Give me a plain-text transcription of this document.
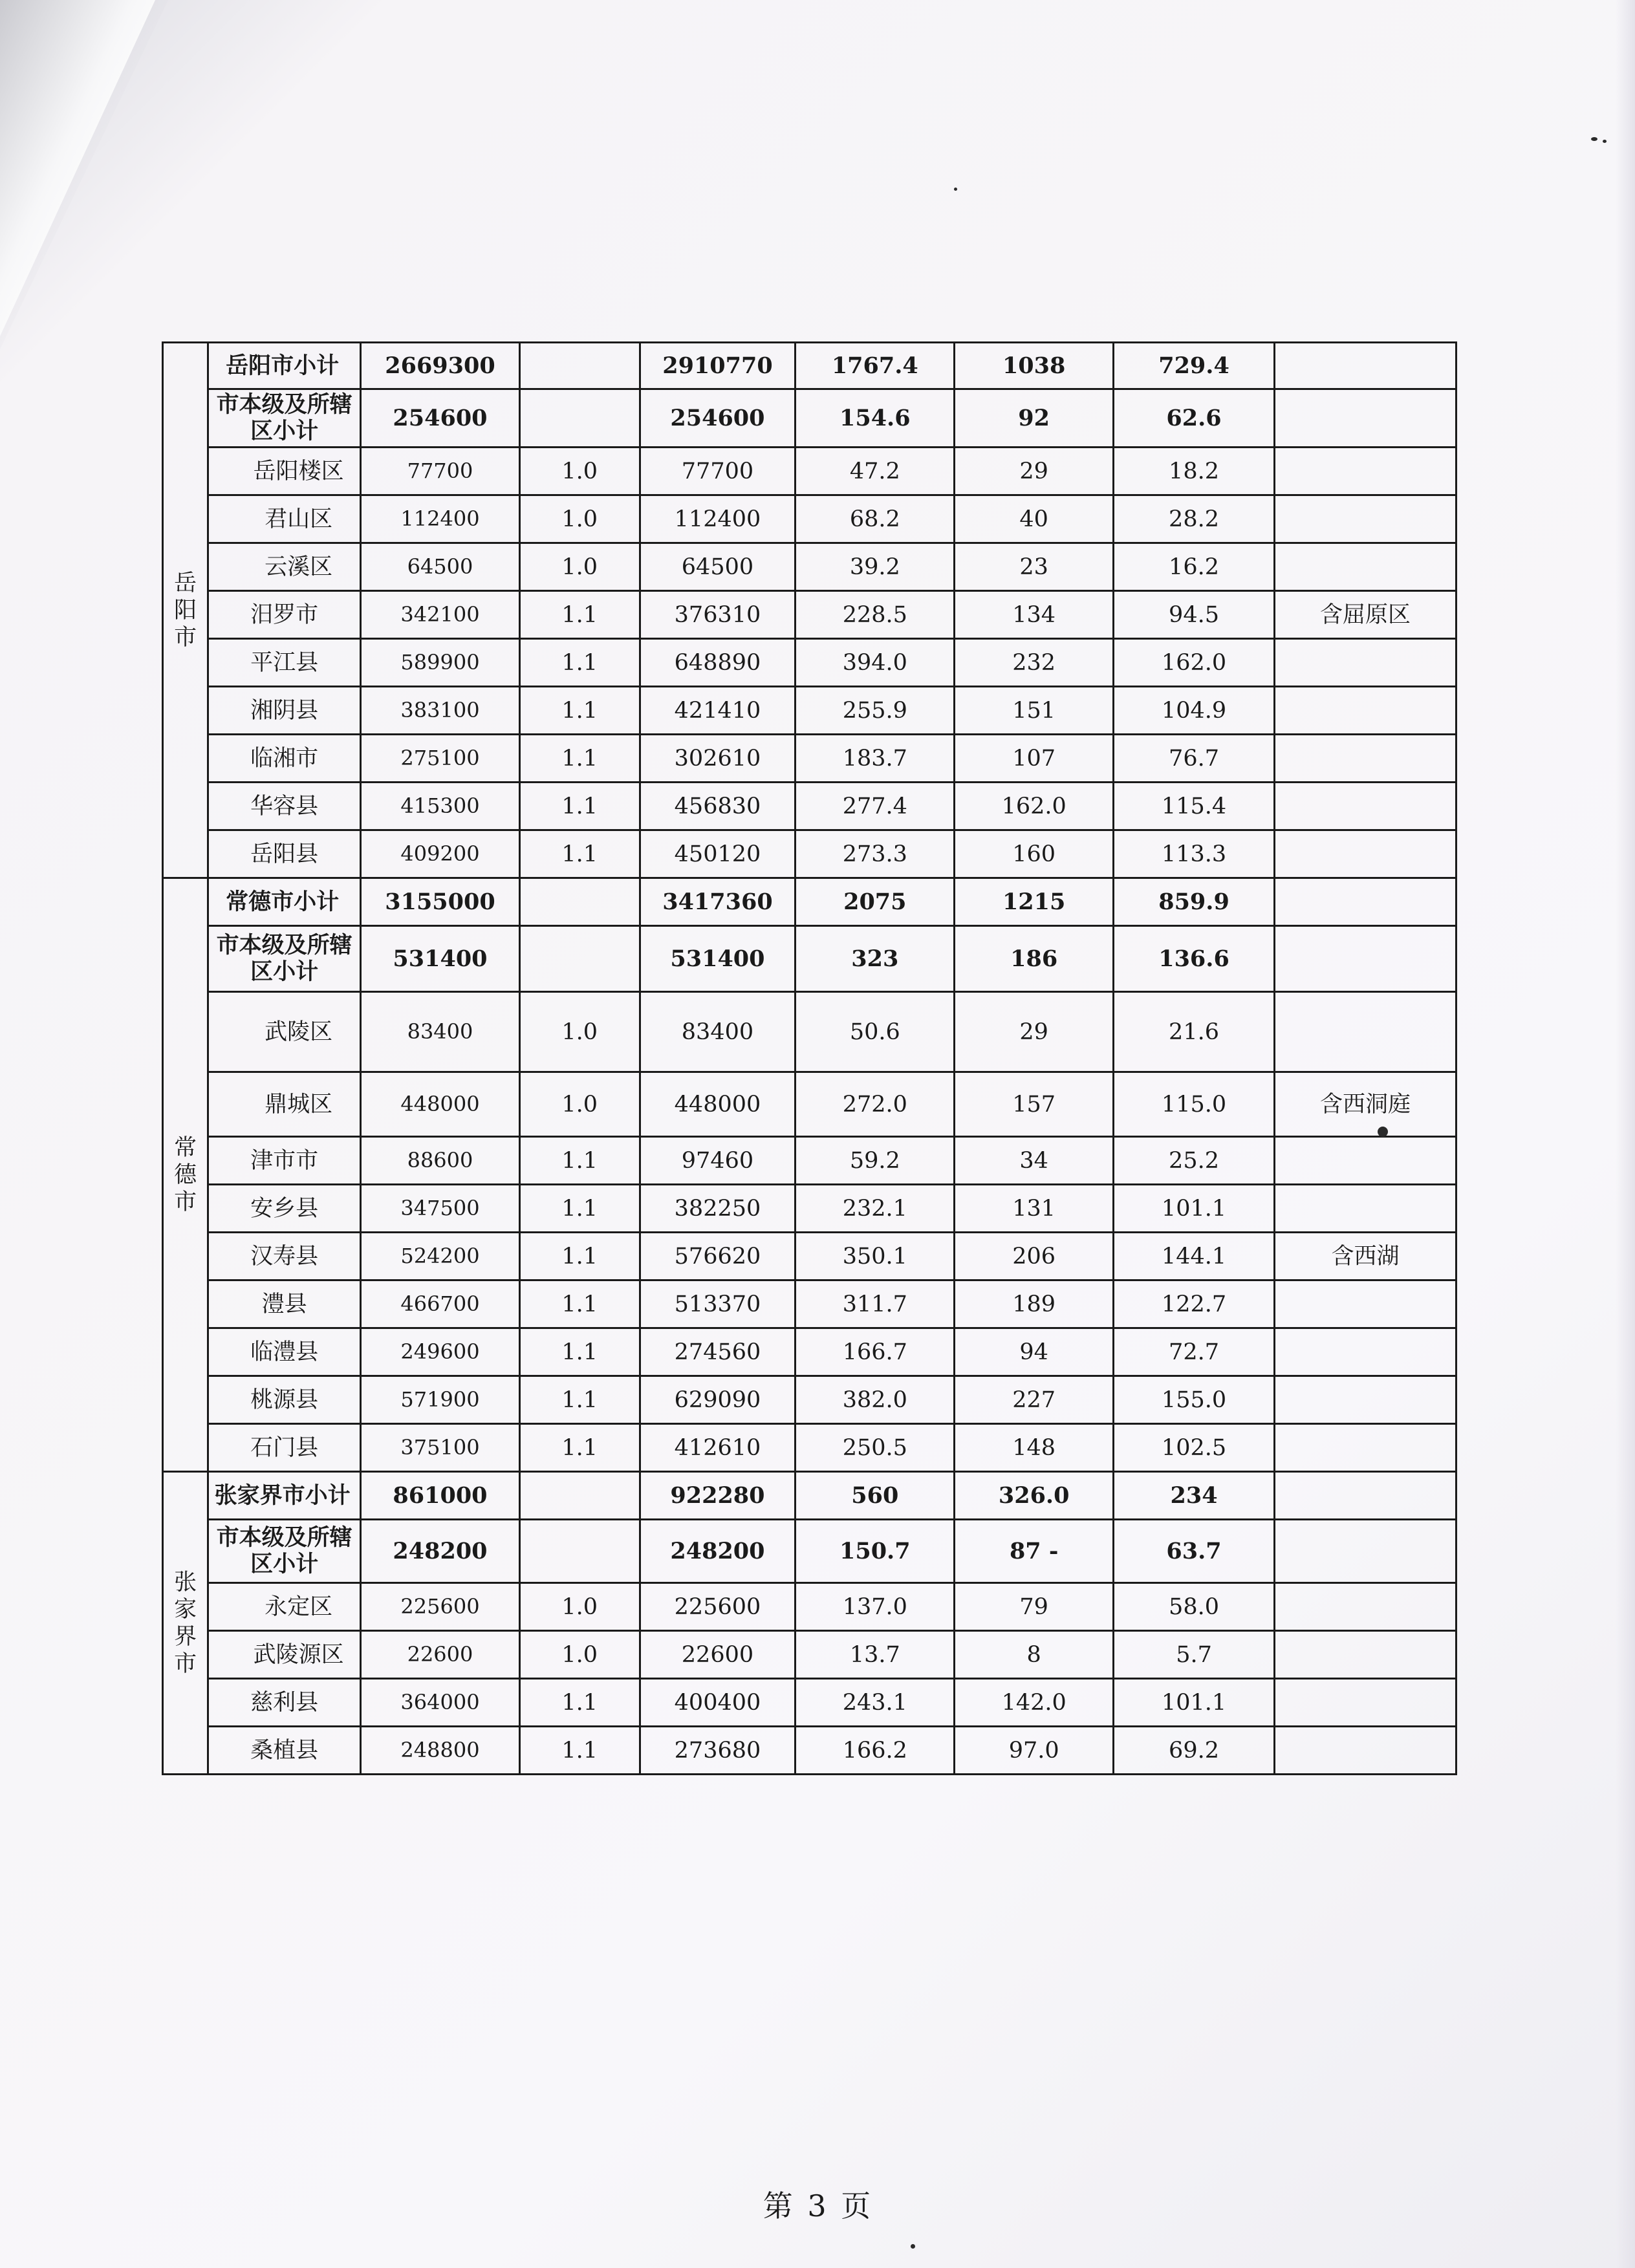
岳
阳
市	岳阳市小计	2669300		2910770	1767.4	1038	729.4	
	市本级及所辖区小计	254600		254600	154.6	92	62.6	
	岳阳楼区	77700	1.0	77700	47.2	29	18.2	
	君山区	112400	1.0	112400	68.2	40	28.2	
	云溪区	64500	1.0	64500	39.2	23	16.2	
	汨罗市	342100	1.1	376310	228.5	134	94.5	含屈原区
	平江县	589900	1.1	648890	394.0	232	162.0	
	湘阴县	383100	1.1	421410	255.9	151	104.9	
	临湘市	275100	1.1	302610	183.7	107	76.7	
	华容县	415300	1.1	456830	277.4	162.0	115.4	
	岳阳县	409200	1.1	450120	273.3	160	113.3	

常
德
市	常德市小计	3155000		3417360	2075	1215	859.9	
	市本级及所辖区小计	531400		531400	323	186	136.6	
	武陵区	83400	1.0	83400	50.6	29	21.6	
	鼎城区	448000	1.0	448000	272.0	157	115.0	含西洞庭
	津市市	88600	1.1	97460	59.2	34	25.2	
	安乡县	347500	1.1	382250	232.1	131	101.1	
	汉寿县	524200	1.1	576620	350.1	206	144.1	含西湖
	澧县	466700	1.1	513370	311.7	189	122.7	
	临澧县	249600	1.1	274560	166.7	94	72.7	
	桃源县	571900	1.1	629090	382.0	227	155.0	
	石门县	375100	1.1	412610	250.5	148	102.5	

张
家
界
市	张家界市小计	861000		922280	560	326.0	234	
	市本级及所辖区小计	248200		248200	150.7	87 -	63.7	
	永定区	225600	1.0	225600	137.0	79	58.0	
	武陵源区	22600	1.0	22600	13.7	8	5.7	
	慈利县	364000	1.1	400400	243.1	142.0	101.1	
	桑植县	248800	1.1	273680	166.2	97.0	69.2	
第 3 页
